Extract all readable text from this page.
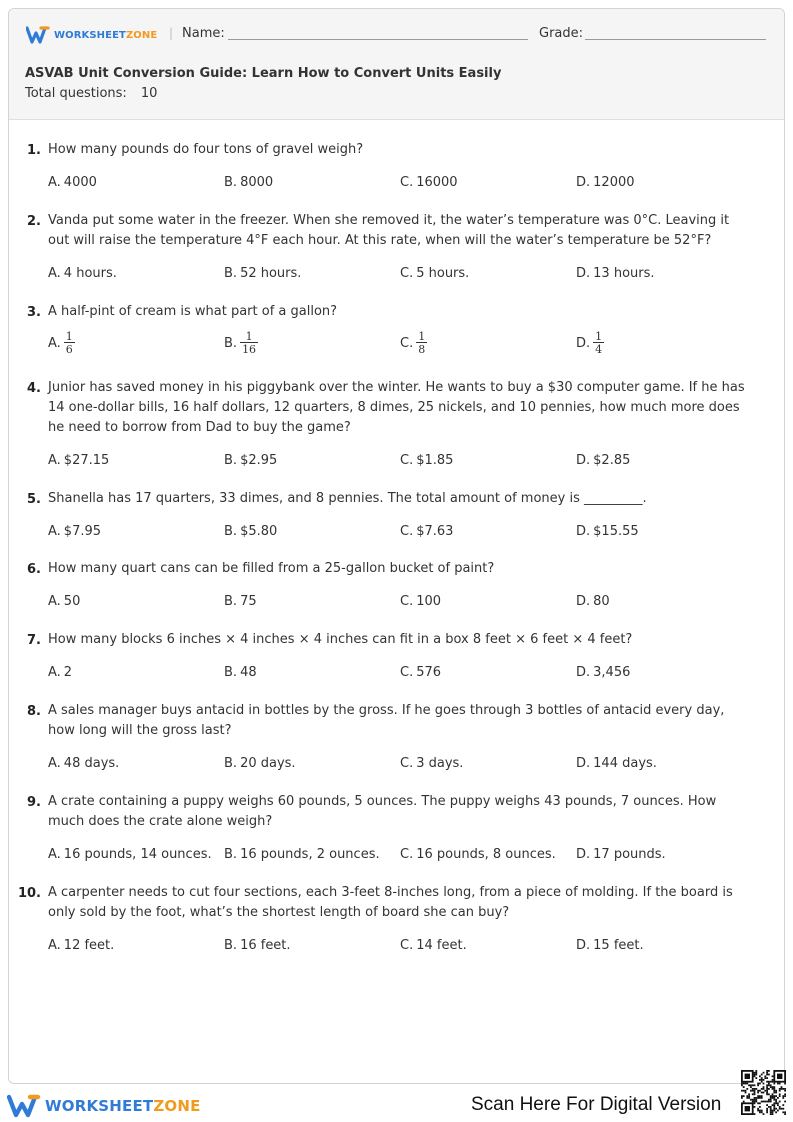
WORKSHEETZONE | Name:	Grade:
ASVAB Unit Conversion Guide: Learn How to Convert Units Easily
Total questions: 10
1. How many pounds do four tons of gravel weigh?
A. 4000	B. 8000	C. 16000	D. 12000
2. Vanda put some water in the freezer. When she removed it, the water’s temperature was 0°C. Leaving it out will raise the temperature 4°F each hour. At this rate, when will the water’s temperature be 52°F?
A. 4 hours.	B. 52 hours.	C. 5 hours.	D. 13 hours.
3. A half-pint of cream is what part of a gallon?
A. $\frac{1}{6}$	B. $\frac{1}{16}$	C. $\frac{1}{8}$	D. $\frac{1}{4}$
4. Junior has saved money in his piggybank over the winter. He wants to buy a $30 computer game. If he has 14 one-dollar bills, 16 half dollars, 12 quarters, 8 dimes, 25 nickels, and 10 pennies, how much more does he need to borrow from Dad to buy the game?
A. $27.15	B. $2.95	C. $1.85	D. $2.85
5. Shanella has 17 quarters, 33 dimes, and 8 pennies. The total amount of money is _________.
A. $7.95	B. $5.80	C. $7.63	D. $15.55
6. How many quart cans can be filled from a 25-gallon bucket of paint?
A. 50	B. 75	C. 100	D. 80
7. How many blocks 6 inches × 4 inches × 4 inches can fit in a box 8 feet × 6 feet × 4 feet?
A. 2	B. 48	C. 576	D. 3,456
8. A sales manager buys antacid in bottles by the gross. If he goes through 3 bottles of antacid every day, how long will the gross last?
A. 48 days.	B. 20 days.	C. 3 days.	D. 144 days.
9. A crate containing a puppy weighs 60 pounds, 5 ounces. The puppy weighs 43 pounds, 7 ounces. How much does the crate alone weigh?
A. 16 pounds, 14 ounces. B. 16 pounds, 2 ounces. C. 16 pounds, 8 ounces. D. 17 pounds.
10. A carpenter needs to cut four sections, each 3-feet 8-inches long, from a piece of molding. If the board is only sold by the foot, what’s the shortest length of board she can buy?
A. 12 feet.	B. 16 feet.	C. 14 feet.	D. 15 feet.
WORKSHEETZONE	Scan Here For Digital Version
